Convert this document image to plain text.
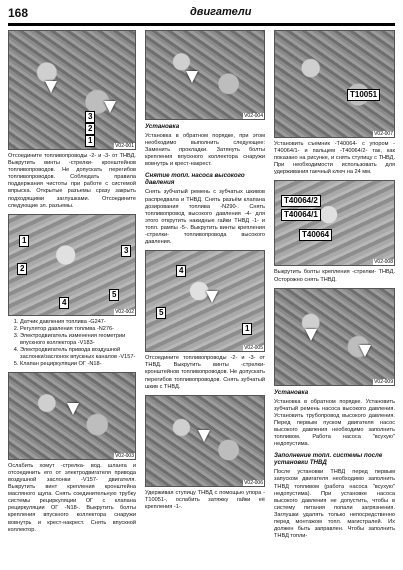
168	двигатели
3
2
1
V02-001

Отсоедините топливопроводы -2- и -3- от ТНВД. Выкрутить винты -стрелки- кронштейнов топливопроводов. Не допускать перегибов топливопроводов. Соблюдать правила поддержания чистоты при работе с системой впрыска. Открытые разъемы сразу закрыть подходящими заглушками. Отсоедините следующие эл. разъемы.

1
2
3
4
5
V02-002
1. Датчик давления топлива -G247-
2. Регулятор давления топлива -N276-
3. Электродвигатель изменения геометрии впускного коллектора -V183-
4. Электродвигатель привода воздушной заслонки/заслонок впускных каналов -V157-
5. Клапан рециркуляции ОГ -N18-
V02-003

Ослабить хомут -стрелка- вод. шланга и отсоединить его от электродвигателя привода воздушной заслонки -V157- двигателя. Выкрутить винт крепления кронштейна масляного щупа. Снять соединительную трубку системы рециркуляции ОГ с клапана рециркуляции ОГ -N18-. Выкрутить болты крепления впускного коллектора снаружи вовнутрь и крест-накрест. Снять впускной коллектор.

V02-004
Установка

Установка в обратном порядке, при этом необходимо выполнить следующее: Заменить прокладки. Затянуть болты крепления впускного коллектора снаружи вовнутрь и крест-накрест.

Снятие топл. насоса высокого давления

Снять зубчатый ремень с зубчатых шкивов распредвала и ТНВД. Снять разъём клапана дозирования топлива -N290-. Снять топливопровод высокого давления -4- для этого открутить накидные гайки ТНВД -1- и топл. рампы -5-. Выкрутить винты крепления -стрелки- топливопровода высокого давления.

4
5
1
V02-005

Отсоедините топливопроводы -2- и -3- от ТНВД. Выкрутить винты -стрелки- кронштейнов топливопроводов. Не допускать перегибов топливопроводов. Снять зубчатый шкив с ТНВД.

V02-006

Удерживая ступицу ТНВД с помощью упора -T10051-, ослабить затяжку гайки её крепления -1-.

T10051
V02-007

Установить съемник -T40064- с упором -T40064/1- и пальцем -T40064/2- так, как показано на рисунке, и снять ступицу с ТНВД. При необходимости использовать для удерживания гаечный ключ на 24 мм.

T40064/2
T40064/1
T40064
V02-008

Выкрутить болты крепления -стрелки- ТНВД. Осторожно снять ТНВД.

V02-009
Установка

Установка в обратном порядке. Установить зубчатый ремень насоса высокого давления. Установить трубопровод высокого давления. Перед первым пуском двигателя насос высокого давления необходимо заполнить топливом. Работа насоса "всухую" недопустима.

Заполнение топл. системы после установки ТНВД

После установки ТНВД перед первым запуском двигателя необходимо заполнить ТНВД топливом (работа насоса "всухую" недопустима). При установке насоса высокого давления не допустить, чтобы в систему питания попали загрязнения. Заглушки удалять только непосредственно перед монтажом топл. магистралей. Их должен быть заправлен. Чтобы заполнить ТНВД топли-
